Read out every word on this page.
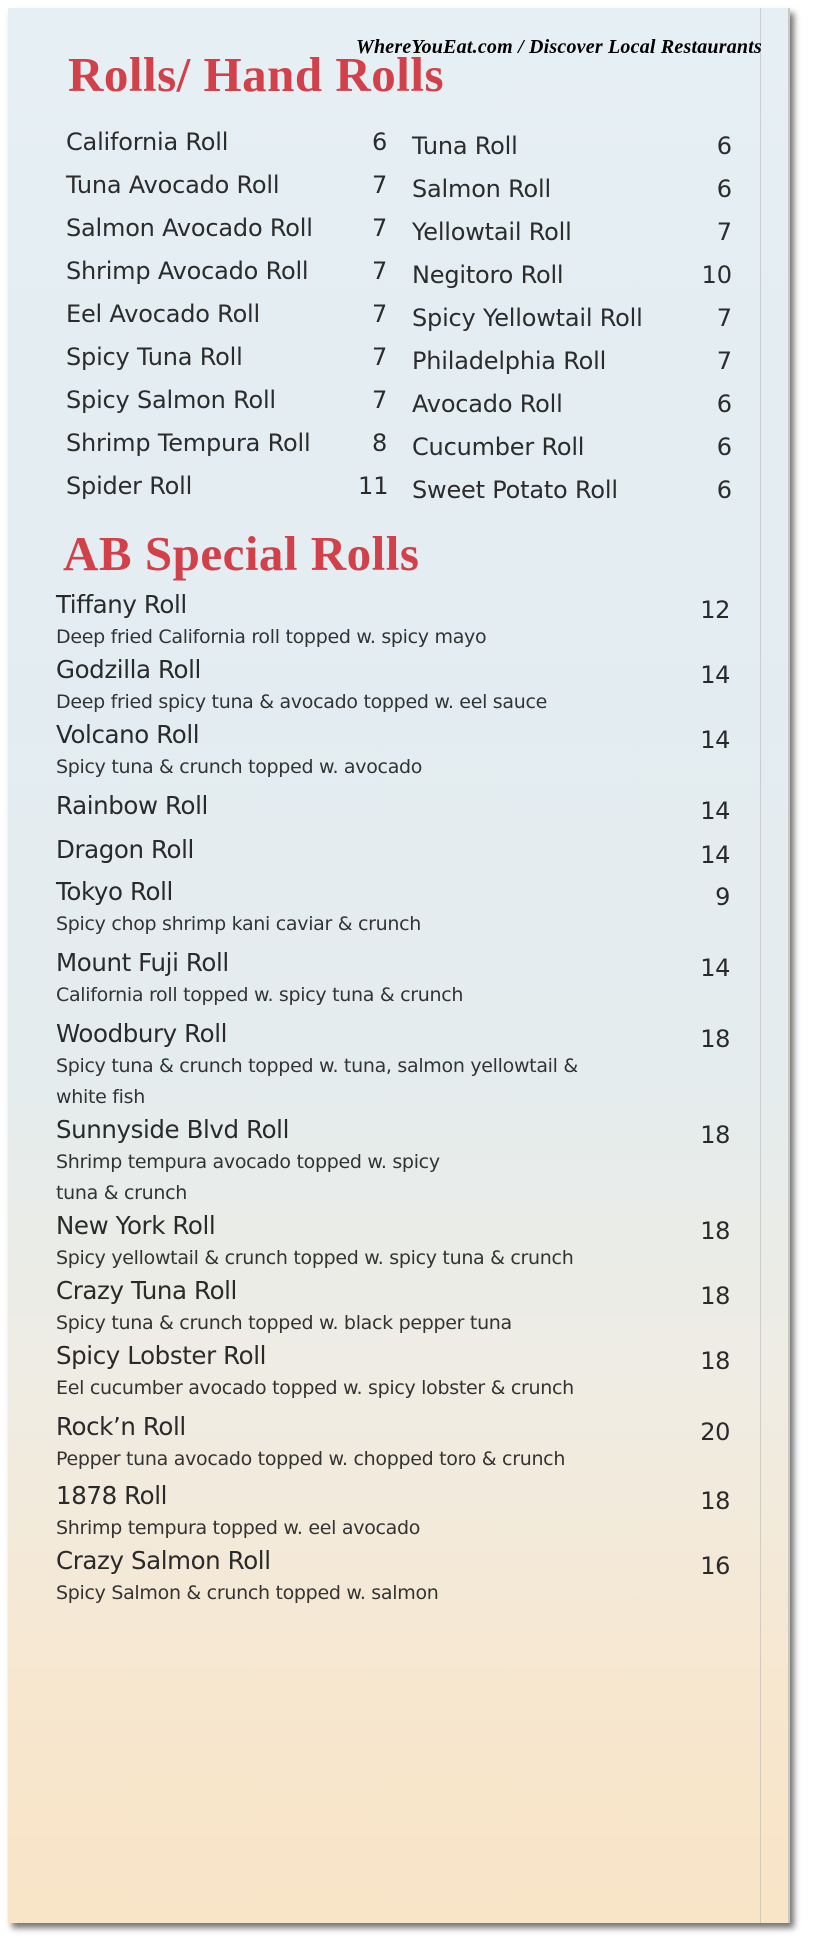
WhereYouEat.com / Discover Local Restaurants
Rolls/ Hand Rolls
California Roll	6
Tuna Avocado Roll	7
Salmon Avocado Roll 7
Shrimp Avocado Roll	7
Eel Avocado Roll	7
Spicy Tuna Roll	7
Spicy Salmon Roll	7
Shrimp Tempura Roll	8
Spider Roll	11
Tuna Roll	6
Salmon Roll	6
Yellowtail Roll	7
Negitoro Roll	10
Spicy Yellowtail Roll	7
Philadelphia Roll	7
Avocado Roll	6
Cucumber Roll	6
Sweet Potato Roll	6
AB Special Rolls
Tiffany Roll	12
Deep fried California roll topped w. spicy mayo
Godzilla Roll	14
Deep fried spicy tuna & avocado topped w. eel sauce
Volcano Roll	14
Spicy tuna & crunch topped w. avocado
Rainbow Roll	14
Dragon Roll	14
Tokyo Roll	9
Spicy chop shrimp kani caviar & crunch
Mount Fuji Roll	14
California roll topped w. spicy tuna & crunch
Woodbury Roll	18
Spicy tuna & crunch topped w. tuna, salmon yellowtail & white fish
Sunnyside Blvd Roll	18
Shrimp tempura avocado topped w. spicy tuna & crunch
New York Roll	18
Spicy yellowtail & crunch topped w. spicy tuna & crunch
Crazy Tuna Roll	18
Spicy tuna & crunch topped w. black pepper tuna
Spicy Lobster Roll	18
Eel cucumber avocado topped w. spicy lobster & crunch
Rock’n Roll	20
Pepper tuna avocado topped w. chopped toro & crunch
1878 Roll	18
Shrimp tempura topped w. eel avocado
Crazy Salmon Roll	16
Spicy Salmon & crunch topped w. salmon
